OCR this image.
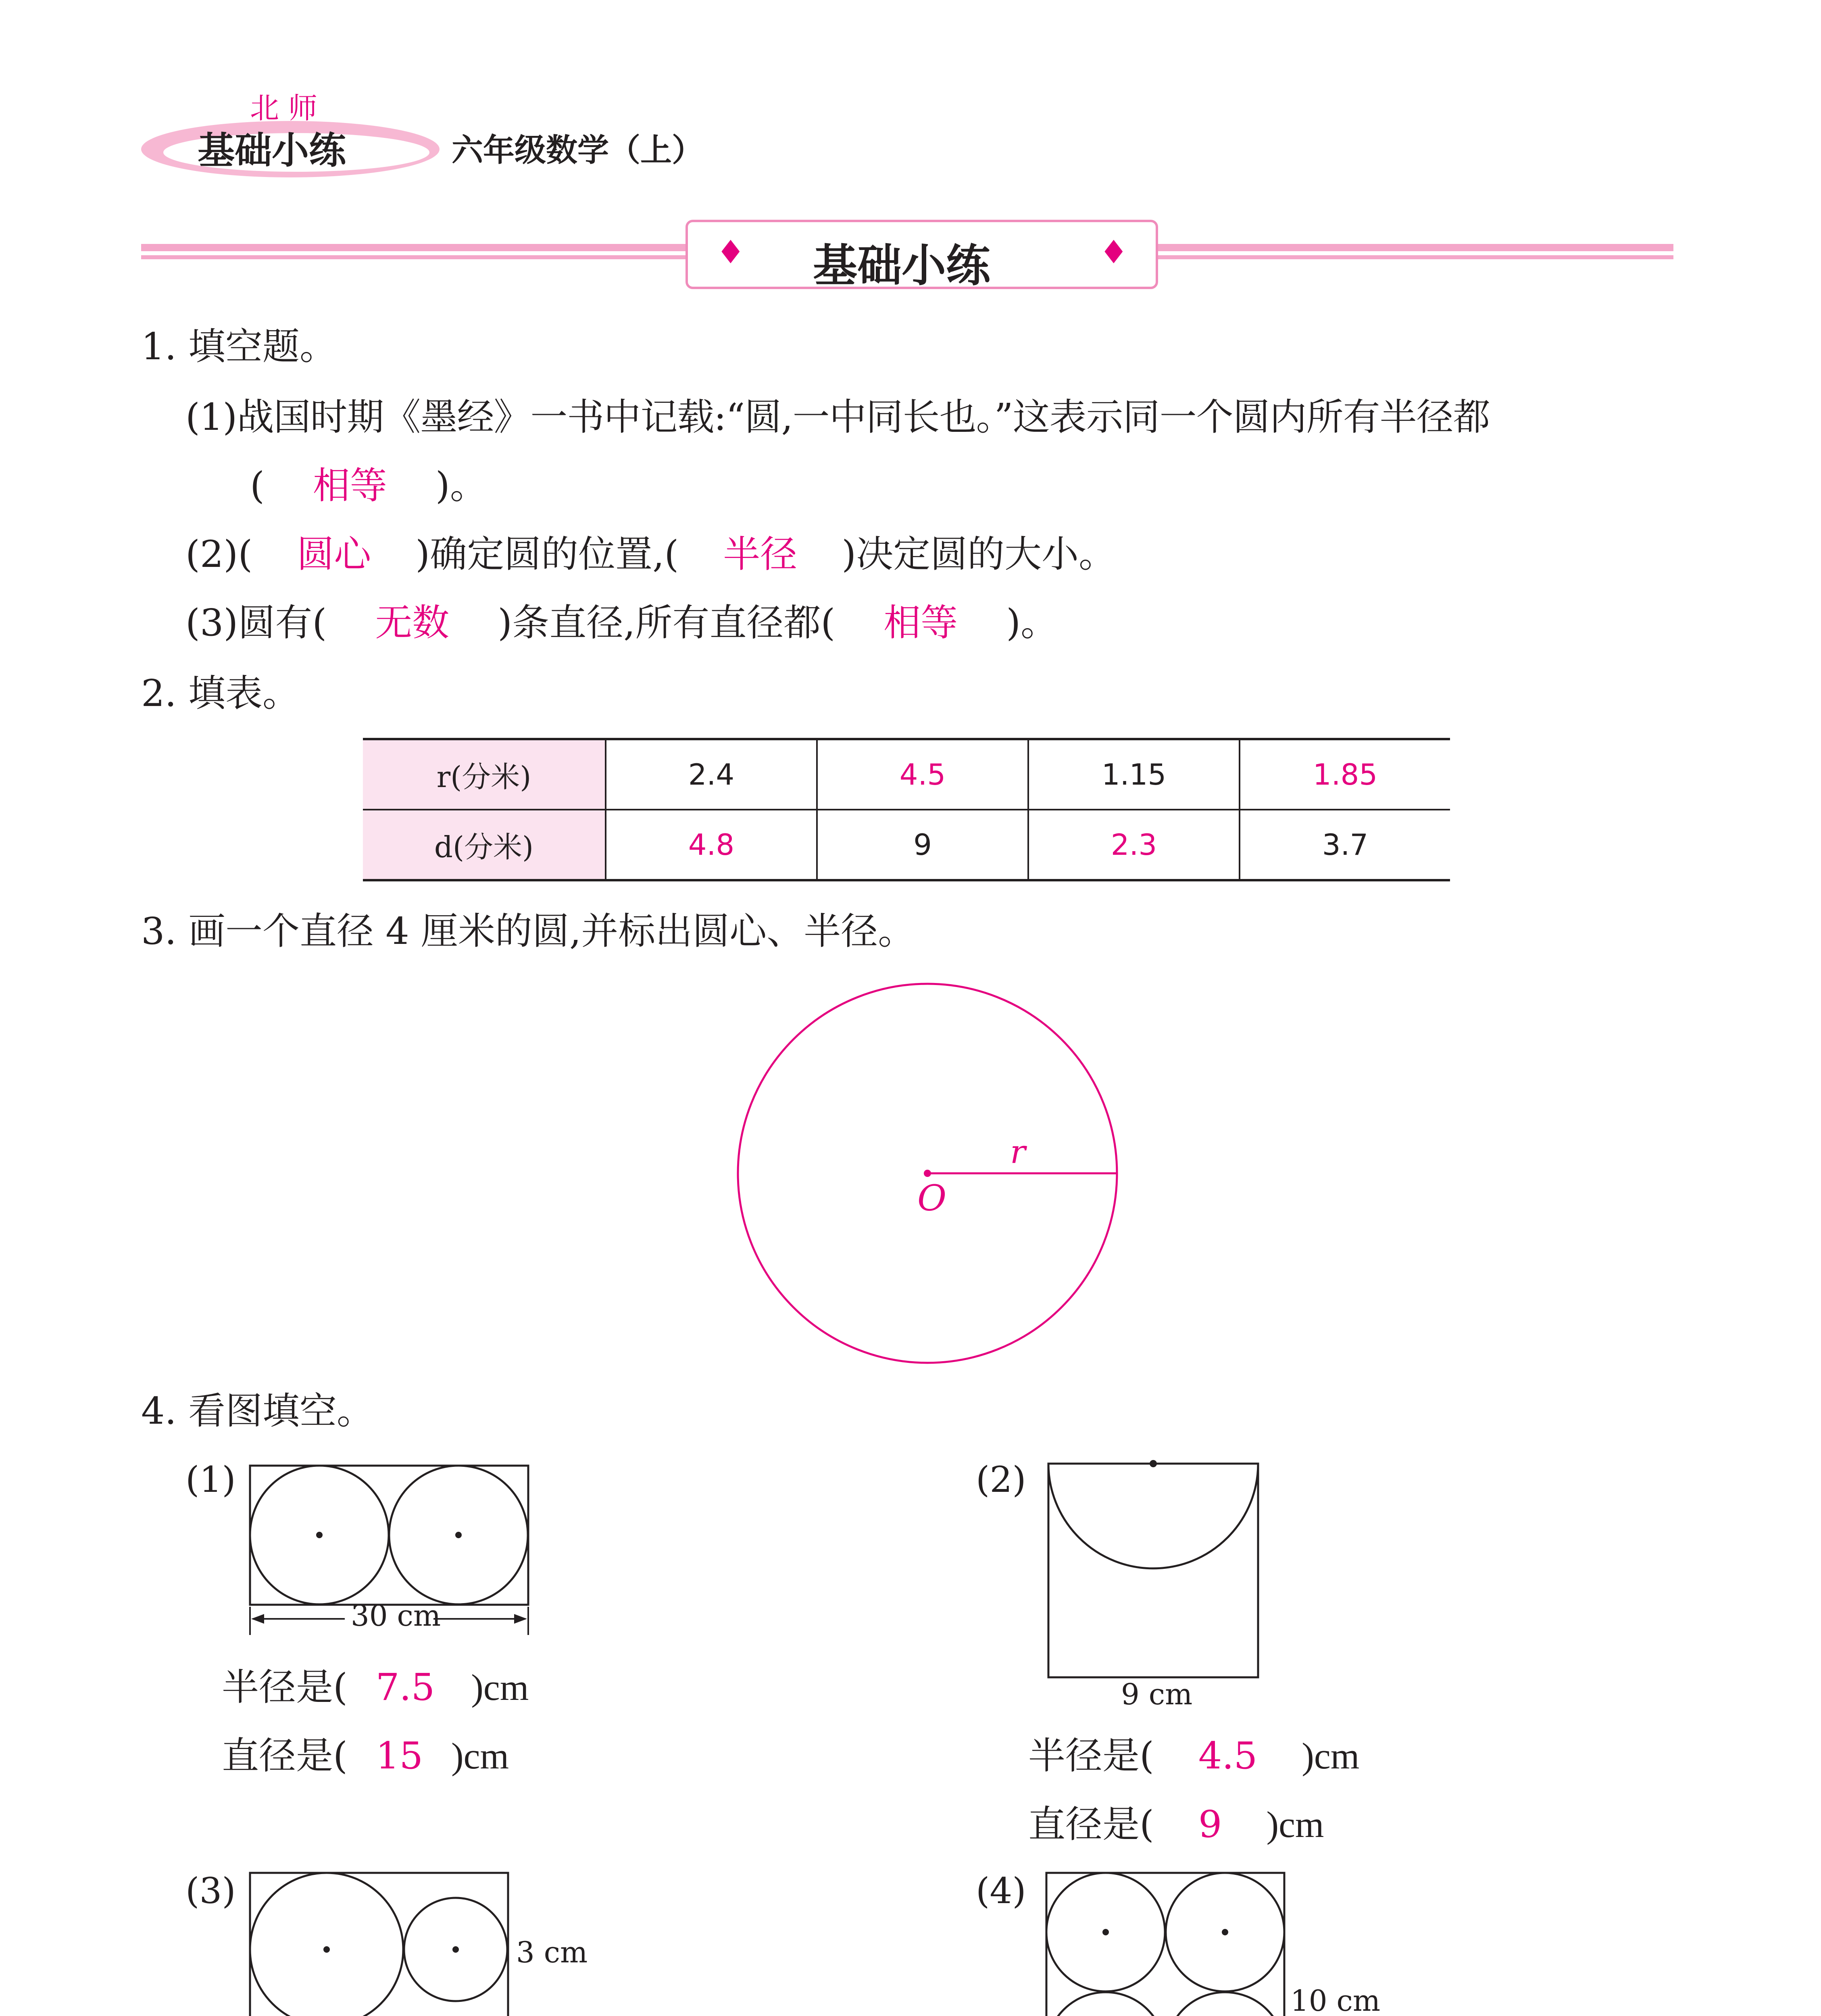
北 师
基础小练	六年级数学（上）
♦ 基础小练	♦
1. 填空题。
(1)战国时期《墨经》一书中记载:“圆,一中同长也。”这表示同一个圆内所有半径都
( 相等 )。
(2)( 圆心 )确定圆的位置,( 半径 )决定圆的大小。
(3)圆有( 无数 )条直径,所有直径都( 相等 )。
2. 填表。
r(分米)	2.4	4.5	1.15	1.85
d(分米)	4.8	9	2.3	3.7
3. 画一个直径 4 厘米的圆,并标出圆心、半径。
O
r
4. 看图填空。
(1)
30 cm
半径是( 7.5 )cm
直径是( 15 )cm
(2)
9 cm
半径是( 4.5 )cm
直径是( 9 )cm
(3)
3 cm
(4)
10 cm
